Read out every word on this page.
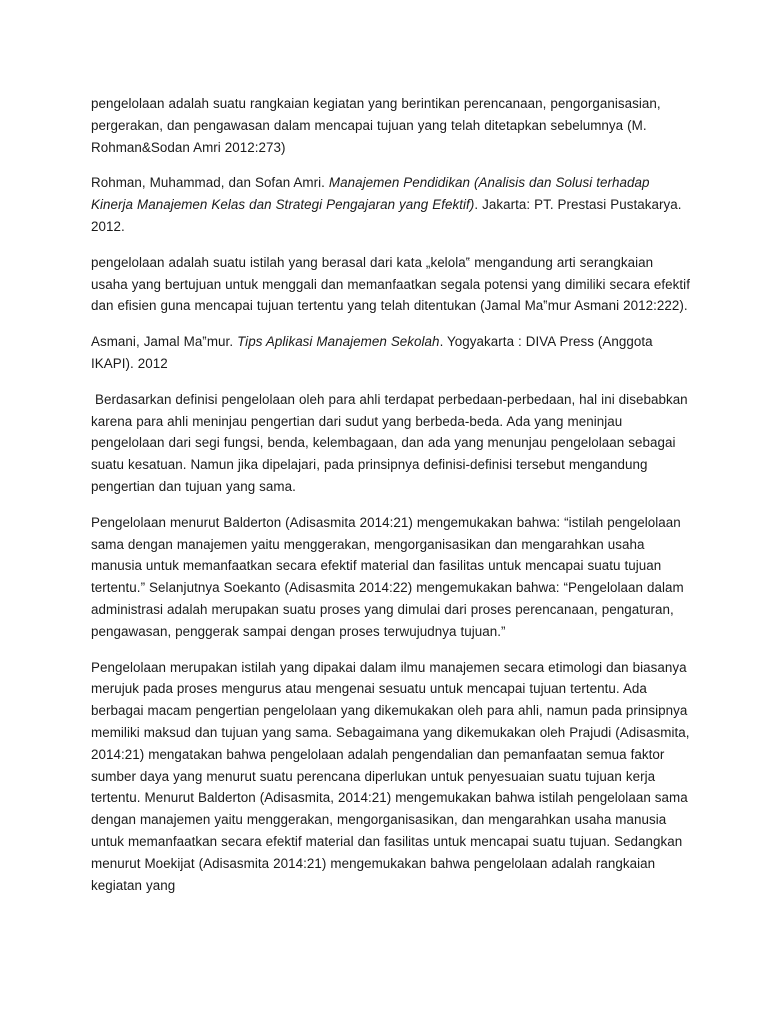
pengelolaan adalah suatu rangkaian kegiatan yang berintikan perencanaan, pengorganisasian, pergerakan, dan pengawasan dalam mencapai tujuan yang telah ditetapkan sebelumnya (M. Rohman&Sodan Amri 2012:273)

Rohman, Muhammad, dan Sofan Amri. Manajemen Pendidikan (Analisis dan Solusi terhadap Kinerja Manajemen Kelas dan Strategi Pengajaran yang Efektif). Jakarta: PT. Prestasi Pustakarya. 2012.

pengelolaan adalah suatu istilah yang berasal dari kata „kelola‟ mengandung arti serangkaian usaha yang bertujuan untuk menggali dan memanfaatkan segala potensi yang dimiliki secara efektif dan efisien guna mencapai tujuan tertentu yang telah ditentukan (Jamal Ma‟mur Asmani 2012:222).

Asmani, Jamal Ma‟mur. Tips Aplikasi Manajemen Sekolah. Yogyakarta : DIVA Press (Anggota IKAPI). 2012

Berdasarkan definisi pengelolaan oleh para ahli terdapat perbedaan-perbedaan, hal ini disebabkan karena para ahli meninjau pengertian dari sudut yang berbeda-beda. Ada yang meninjau pengelolaan dari segi fungsi, benda, kelembagaan, dan ada yang menunjau pengelolaan sebagai suatu kesatuan. Namun jika dipelajari, pada prinsipnya definisi-definisi tersebut mengandung pengertian dan tujuan yang sama.

Pengelolaan menurut Balderton (Adisasmita 2014:21) mengemukakan bahwa: “istilah pengelolaan sama dengan manajemen yaitu menggerakan, mengorganisasikan dan mengarahkan usaha manusia untuk memanfaatkan secara efektif material dan fasilitas untuk mencapai suatu tujuan tertentu.” Selanjutnya Soekanto (Adisasmita 2014:22) mengemukakan bahwa: “Pengelolaan dalam administrasi adalah merupakan suatu proses yang dimulai dari proses perencanaan, pengaturan, pengawasan, penggerak sampai dengan proses terwujudnya tujuan.”

Pengelolaan merupakan istilah yang dipakai dalam ilmu manajemen secara etimologi dan biasanya merujuk pada proses mengurus atau mengenai sesuatu untuk mencapai tujuan tertentu. Ada berbagai macam pengertian pengelolaan yang dikemukakan oleh para ahli, namun pada prinsipnya memiliki maksud dan tujuan yang sama. Sebagaimana yang dikemukakan oleh Prajudi (Adisasmita, 2014:21) mengatakan bahwa pengelolaan adalah pengendalian dan pemanfaatan semua faktor sumber daya yang menurut suatu perencana diperlukan untuk penyesuaian suatu tujuan kerja tertentu. Menurut Balderton (Adisasmita, 2014:21) mengemukakan bahwa istilah pengelolaan sama dengan manajemen yaitu menggerakan, mengorganisasikan, dan mengarahkan usaha manusia untuk memanfaatkan secara efektif material dan fasilitas untuk mencapai suatu tujuan. Sedangkan menurut Moekijat (Adisasmita 2014:21) mengemukakan bahwa pengelolaan adalah rangkaian kegiatan yang
